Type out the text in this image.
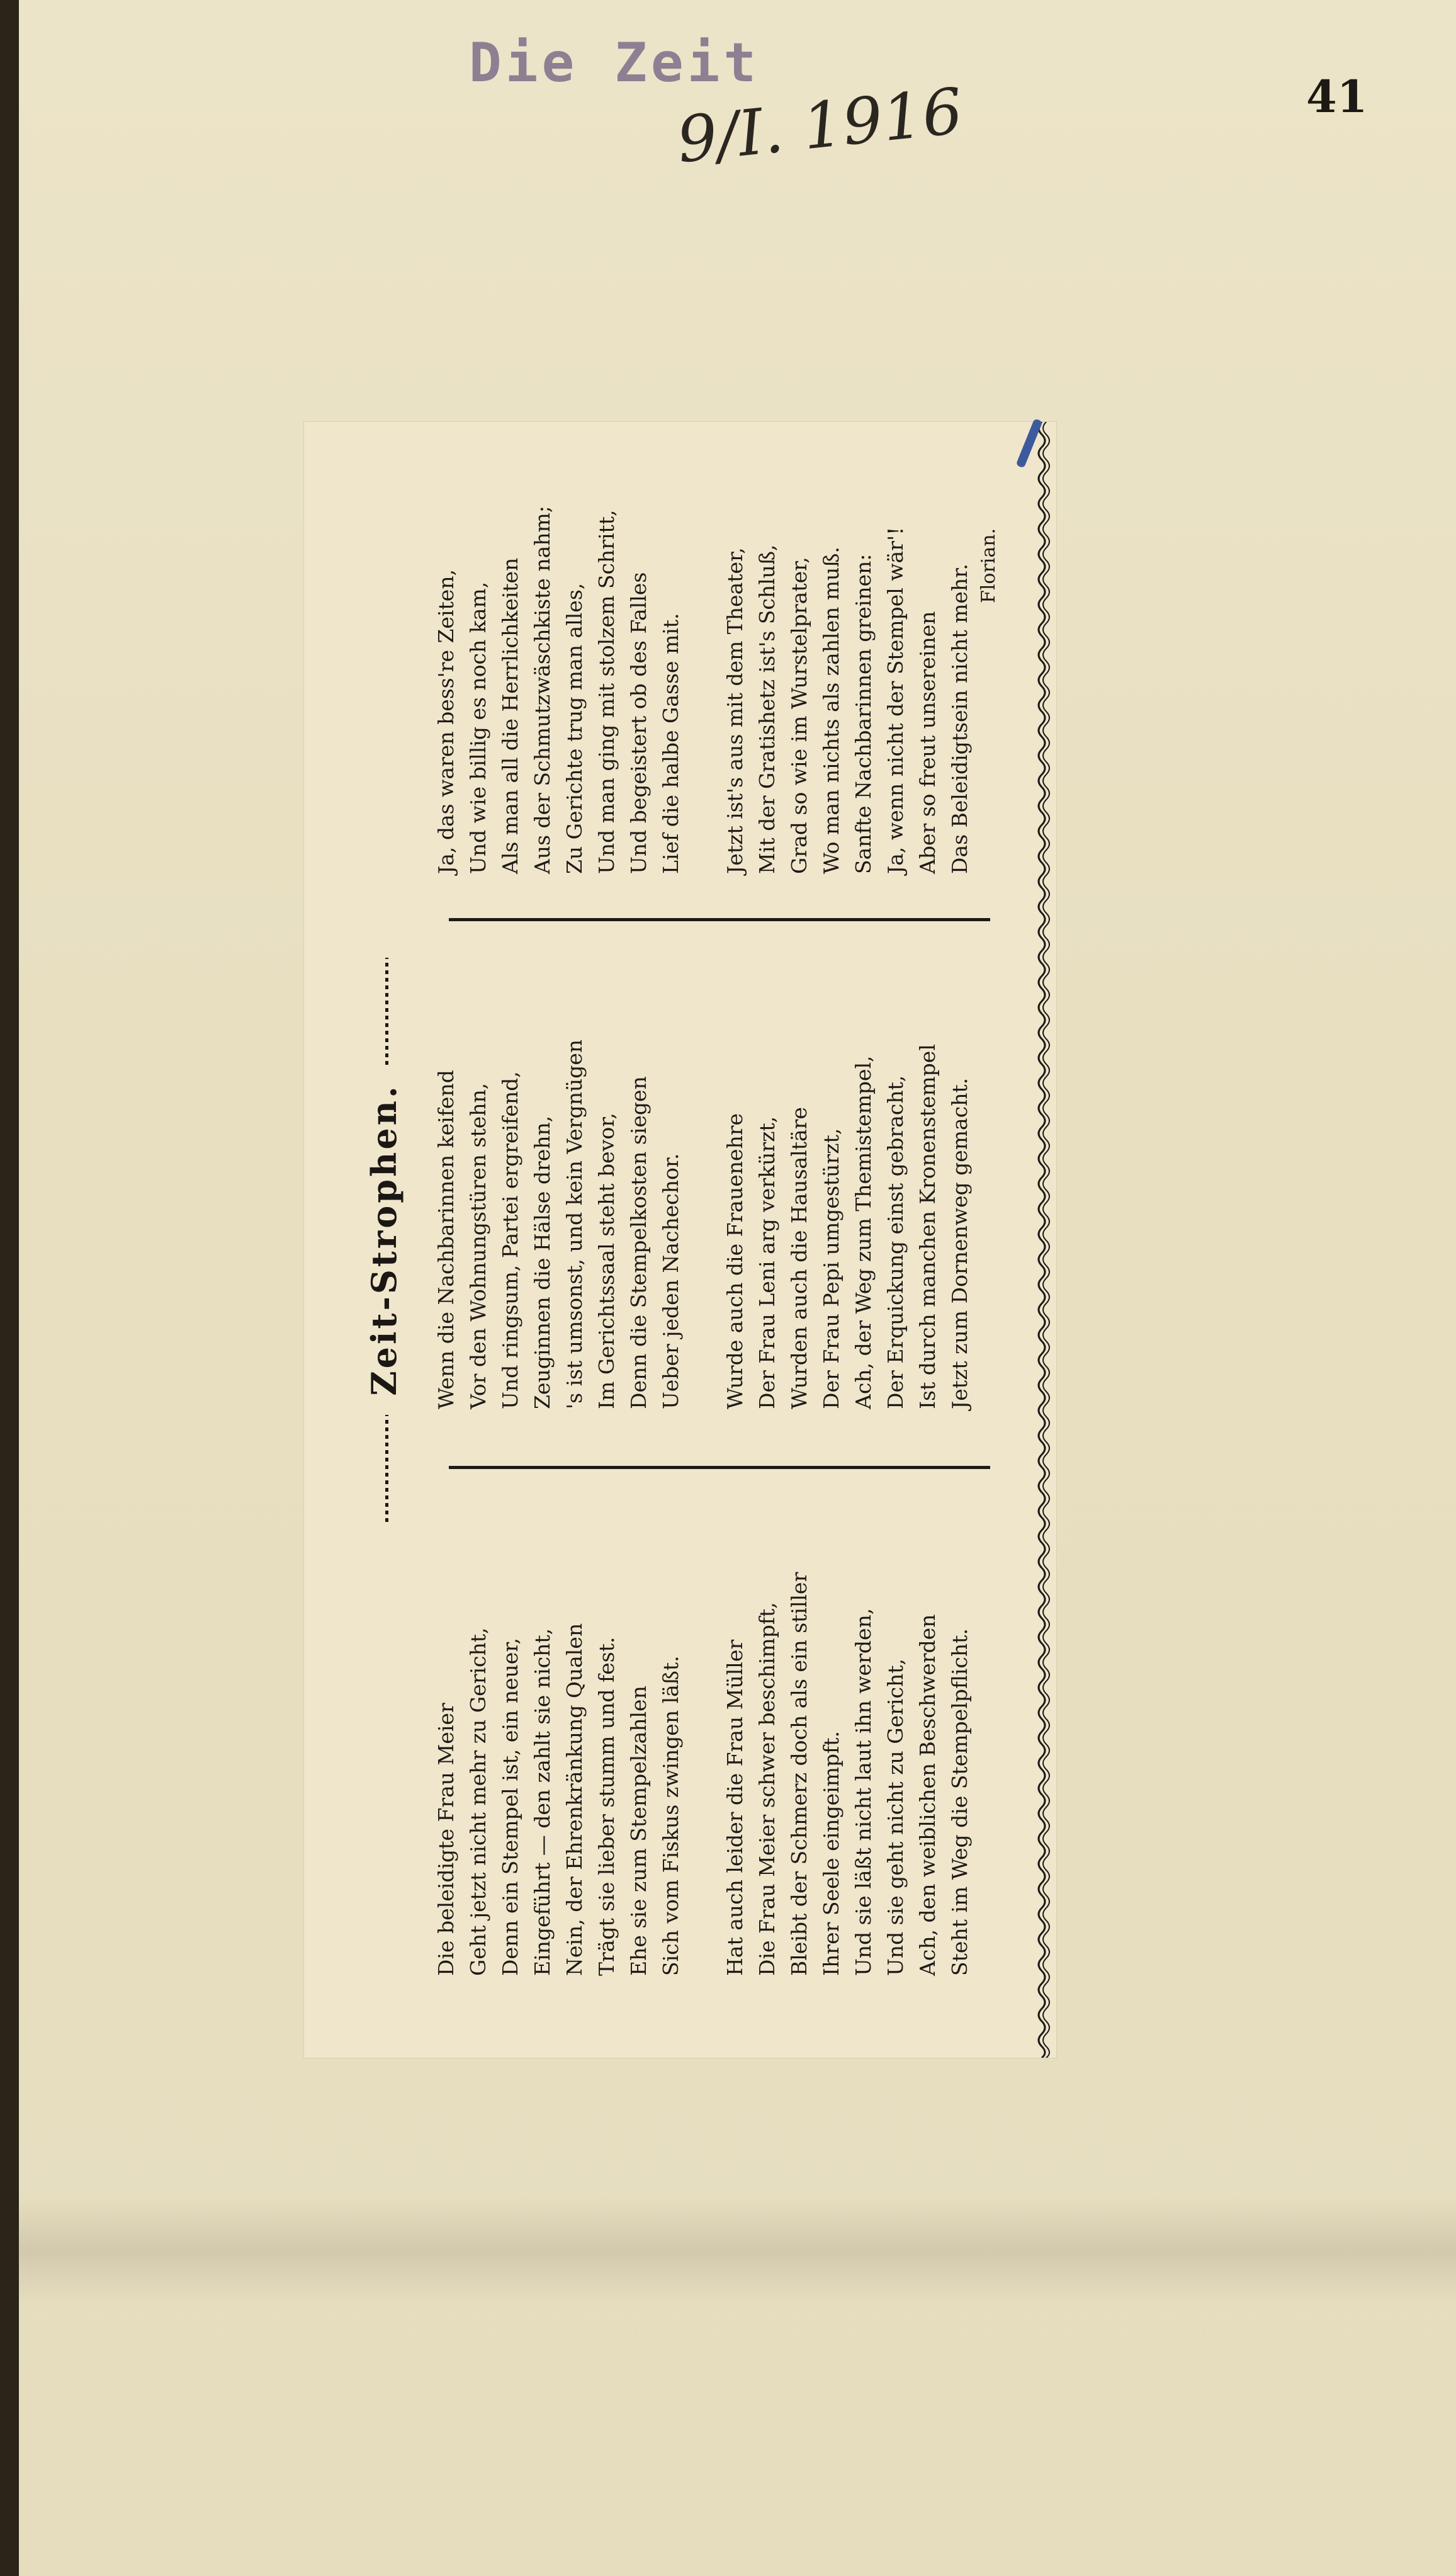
Die Zeit
9/I. 1916	41
Zeit-Strophen.
Die beleidigte Frau Meier Geht jetzt nicht mehr zu Gericht, Denn ein Stempel ist, ein neuer, Eingeführt — den zahlt sie nicht, Nein, der Ehrenkränkung Qualen Trägt sie lieber stumm und fest. Ehe sie zum Stempelzahlen Sich vom Fiskus zwingen läßt. Hat auch leider die Frau Müller Die Frau Meier schwer beschimpft, Bleibt der Schmerz doch als ein stiller Ihrer Seele eingeimpft. Und sie läßt nicht laut ihn werden, Und sie geht nicht zu Gericht, Ach, den weiblichen Beschwerden Steht im Weg die Stempelpflicht.
Wenn die Nachbarinnen keifend Vor den Wohnungstüren stehn, Und ringsum, Partei ergreifend, Zeuginnen die Hälse drehn, 's ist umsonst, und kein Vergnügen Im Gerichtssaal steht bevor, Denn die Stempelkosten siegen Ueber jeden Nachechor. Wurde auch die Frauenehre Der Frau Leni arg verkürzt, Wurden auch die Hausaltäre Der Frau Pepi umgestürzt, Ach, der Weg zum Themistempel, Der Erquickung einst gebracht, Ist durch manchen Kronenstempel Jetzt zum Dornenweg gemacht.
Ja, das waren bess're Zeiten, Und wie billig es noch kam, Als man all die Herrlichkeiten Aus der Schmutzwäschkiste nahm; Zu Gerichte trug man alles, Und man ging mit stolzem Schritt, Und begeistert ob des Falles Lief die halbe Gasse mit. Jetzt ist's aus mit dem Theater, Mit der Gratishetz ist's Schluß, Grad so wie im Wurstelprater, Wo man nichts als zahlen muß. Sanfte Nachbarinnen greinen: Ja, wenn nicht der Stempel wär'! Aber so freut unsereinen Das Beleidigtsein nicht mehr. Florian.
